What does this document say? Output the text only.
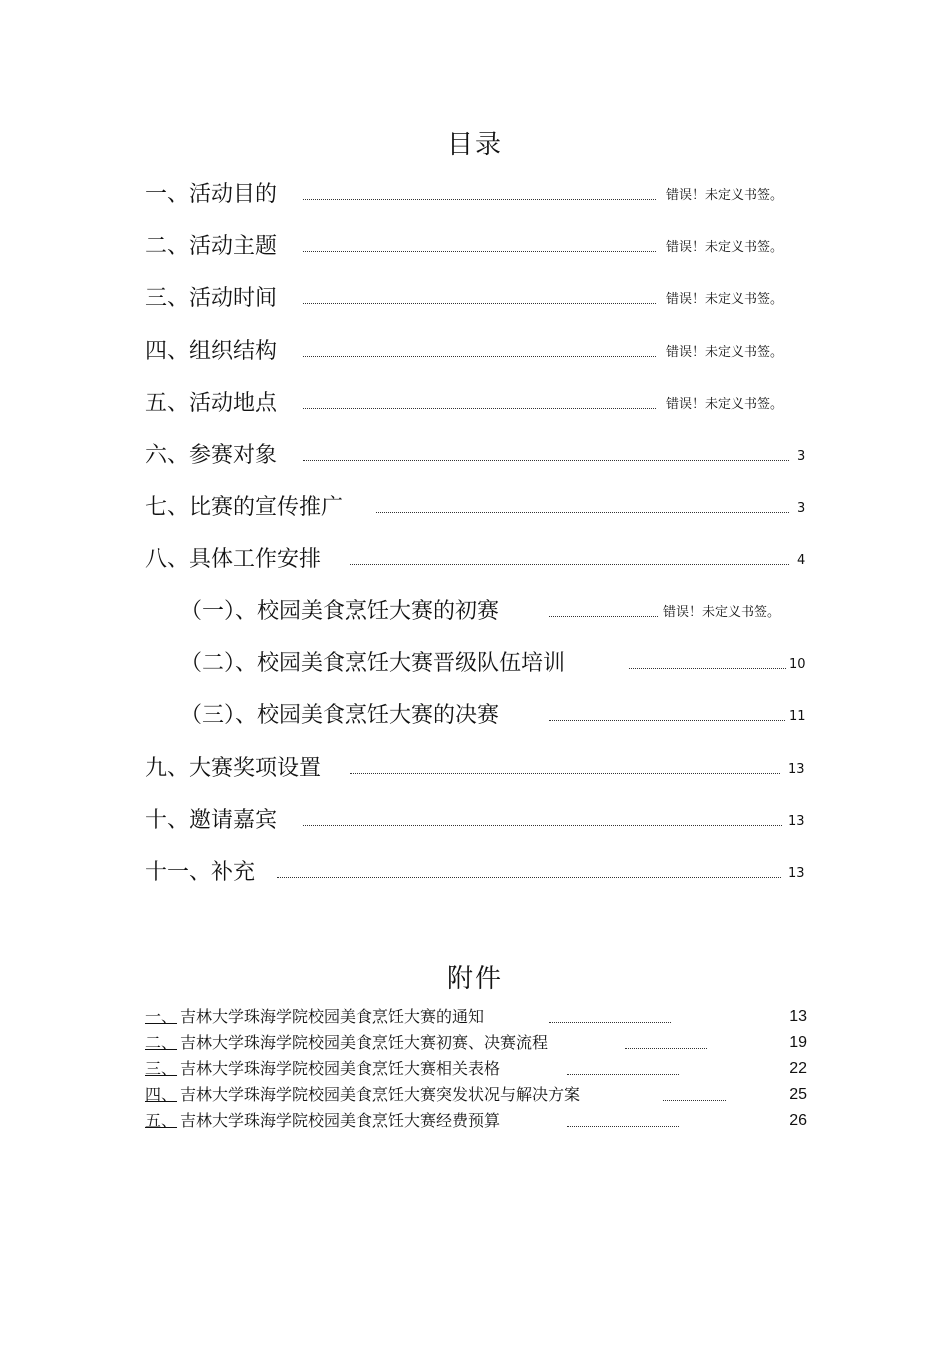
目录
一、活动目的	错误！未定义书签。
二、活动主题	错误！未定义书签。
三、活动时间	错误！未定义书签。
四、组织结构	错误！未定义书签。
五、活动地点	错误！未定义书签。
六、参赛对象	3
七、比赛的宣传推广	3
八、具体工作安排	4
（一）、校园美食烹饪大赛的初赛	错误！未定义书签。
（二）、校园美食烹饪大赛晋级队伍培训	10
（三）、校园美食烹饪大赛的决赛	11
九、大赛奖项设置	13
十、邀请嘉宾	13
十一、补充	13
附件
一、 吉林大学珠海学院校园美食烹饪大赛的通知	13
二、 吉林大学珠海学院校园美食烹饪大赛初赛、决赛流程	19
三、 吉林大学珠海学院校园美食烹饪大赛相关表格	22
四、 吉林大学珠海学院校园美食烹饪大赛突发状况与解决方案	25
五、 吉林大学珠海学院校园美食烹饪大赛经费预算	26
